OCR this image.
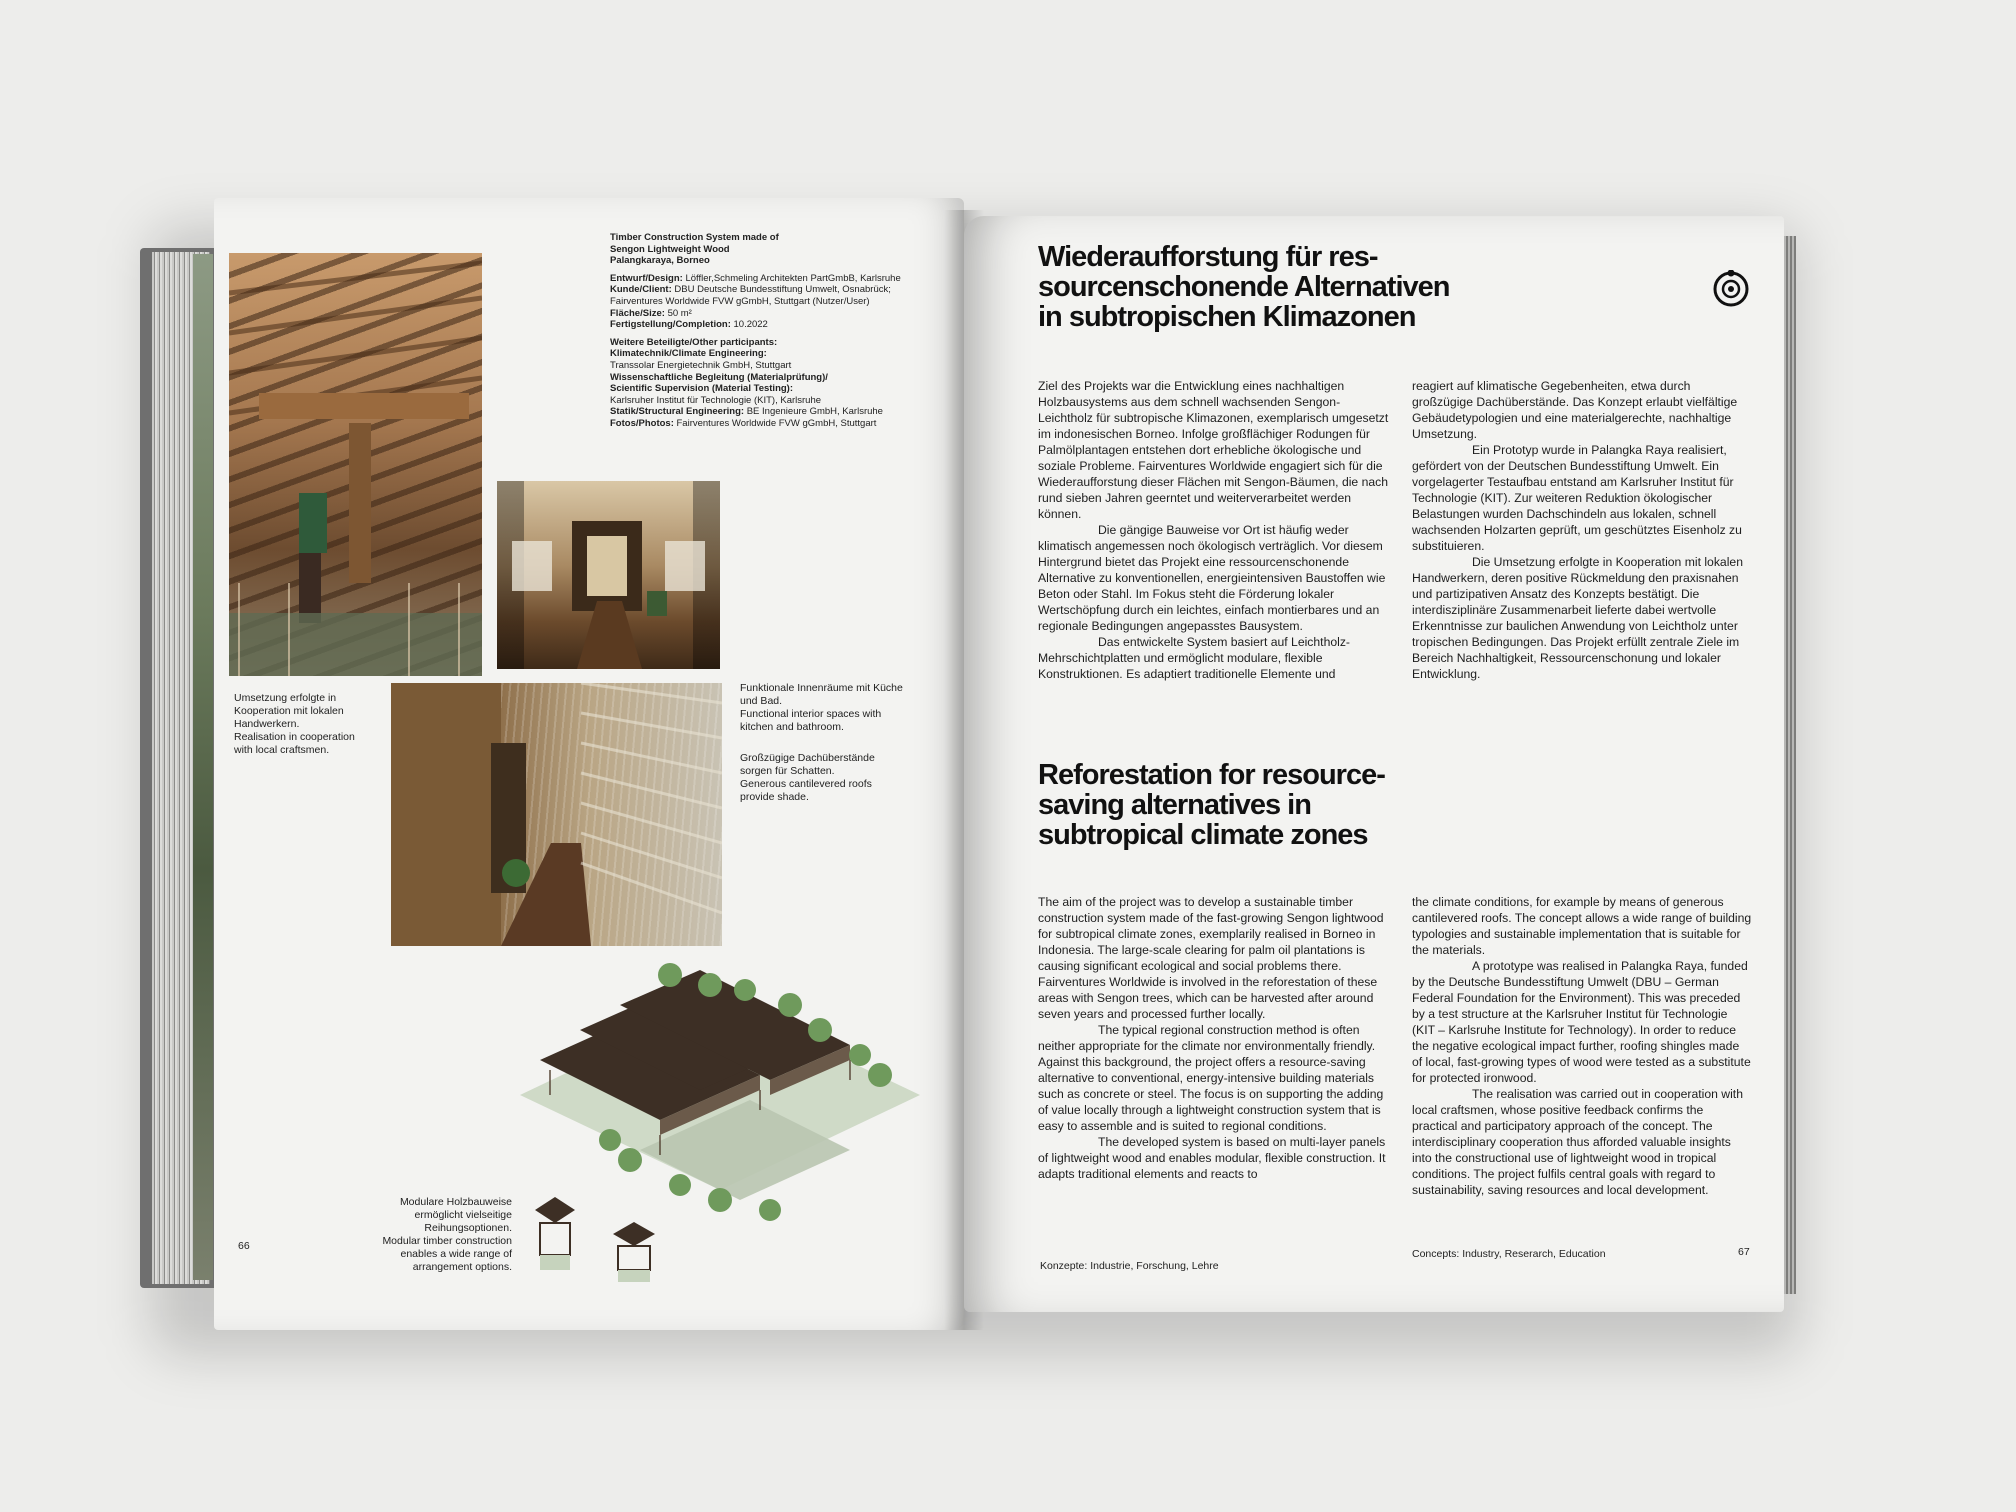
Timber Construction System made of
Sengon Lightweight Wood
Palangkaraya, Borneo

Entwurf/Design: Löffler,Schmeling Architekten PartGmbB, Karlsruhe
Kunde/Client: DBU Deutsche Bundesstiftung Umwelt, Osnabrück;
Fairventures Worldwide FVW gGmbH, Stuttgart (Nutzer/User)
Fläche/Size: 50 m²
Fertigstellung/Completion: 10.2022

Weitere Beteiligte/Other participants:
Klimatechnik/Climate Engineering:
Transsolar Energietechnik GmbH, Stuttgart
Wissenschaftliche Begleitung (Materialprüfung)/
Scientific Supervision (Material Testing):
Karlsruher Institut für Technologie (KIT), Karlsruhe
Statik/Structural Engineering: BE Ingenieure GmbH, Karlsruhe
Fotos/Photos: Fairventures Worldwide FVW gGmbH, Stuttgart

Umsetzung erfolgte in Kooperation mit lokalen Handwerkern.
Realisation in cooperation with local craftsmen.
Funktionale Innenräume mit Küche und Bad.
Functional interior spaces with kitchen and bathroom.
Großzügige Dachüberstände sorgen für Schatten.
Generous cantilevered roofs provide shade.
Modulare Holzbauweise ermöglicht vielseitige Reihungsoptionen.
Modular timber construction enables a wide range of arrangement options.
66
Wiederaufforstung für res-
sourcenschonende Alternativen
in subtropischen Klimazonen

Ziel des Projekts war die Entwicklung eines nachhaltigen Holzbausystems aus dem schnell wachsenden Sengon-Leichtholz für subtropische Klimazonen, exemplarisch umgesetzt im indonesischen Borneo. Infolge großflächiger Rodungen für Palmölplantagen entstehen dort erhebliche ökologische und soziale Probleme. Fairventures Worldwide engagiert sich für die Wiederaufforstung dieser Flächen mit Sengon-Bäumen, die nach rund sieben Jahren geerntet und weiterverarbeitet werden können.

Die gängige Bauweise vor Ort ist häufig weder klimatisch angemessen noch ökologisch verträglich. Vor diesem Hintergrund bietet das Projekt eine ressourcenschonende Alternative zu konventionellen, energieintensiven Baustoffen wie Beton oder Stahl. Im Fokus steht die Förderung lokaler Wertschöpfung durch ein leichtes, einfach montierbares und an regionale Bedingungen angepasstes Bausystem.

Das entwickelte System basiert auf Leichtholz-Mehrschichtplatten und ermöglicht modulare, flexible Konstruktionen. Es adaptiert traditionelle Elemente und

reagiert auf klimatische Gegebenheiten, etwa durch großzügige Dachüberstände. Das Konzept erlaubt vielfältige Gebäudetypologien und eine materialgerechte, nachhaltige Umsetzung.

Ein Prototyp wurde in Palangka Raya realisiert, gefördert von der Deutschen Bundesstiftung Umwelt. Ein vorgelagerter Testaufbau entstand am Karlsruher Institut für Technologie (KIT). Zur weiteren Reduktion ökologischer Belastungen wurden Dachschindeln aus lokalen, schnell wachsenden Holzarten geprüft, um geschütztes Eisenholz zu substituieren.

Die Umsetzung erfolgte in Kooperation mit lokalen Handwerkern, deren positive Rückmeldung den praxisnahen und partizipativen Ansatz des Konzepts bestätigt. Die interdisziplinäre Zusammenarbeit lieferte dabei wertvolle Erkenntnisse zur baulichen Anwendung von Leichtholz unter tropischen Bedingungen. Das Projekt erfüllt zentrale Ziele im Bereich Nachhaltigkeit, Ressourcenschonung und lokaler Entwicklung.

Reforestation for resource-
saving alternatives in
subtropical climate zones

The aim of the project was to develop a sustainable timber construction system made of the fast-growing Sengon lightwood for subtropical climate zones, exemplarily realised in Borneo in Indonesia. The large-scale clearing for palm oil plantations is causing significant ecological and social problems there. Fairventures Worldwide is involved in the reforestation of these areas with Sengon trees, which can be harvested after around seven years and processed further locally.

The typical regional construction method is often neither appropriate for the climate nor environmentally friendly. Against this background, the project offers a resource-saving alternative to conventional, energy-intensive building materials such as concrete or steel. The focus is on supporting the adding of value locally through a lightweight construction system that is easy to assemble and is suited to regional conditions.

The developed system is based on multi-layer panels of lightweight wood and enables modular, flexible construction. It adapts traditional elements and reacts to

the climate conditions, for example by means of generous cantilevered roofs. The concept allows a wide range of building typologies and sustainable implementation that is suitable for the materials.

A prototype was realised in Palangka Raya, funded by the Deutsche Bundesstiftung Umwelt (DBU – German Federal Foundation for the Environment). This was preceded by a test structure at the Karlsruher Institut für Technologie (KIT – Karlsruhe Institute for Technology). In order to reduce the negative ecological impact further, roofing shingles made of local, fast-growing types of wood were tested as a substitute for protected ironwood.

The realisation was carried out in cooperation with local craftsmen, whose positive feedback confirms the practical and participatory approach of the concept. The interdisciplinary cooperation thus afforded valuable insights into the constructional use of lightweight wood in tropical conditions. The project fulfils central goals with regard to sustainability, saving resources and local development.

Konzepte: Industrie, Forschung, Lehre
Concepts: Industry, Reserarch, Education	67
